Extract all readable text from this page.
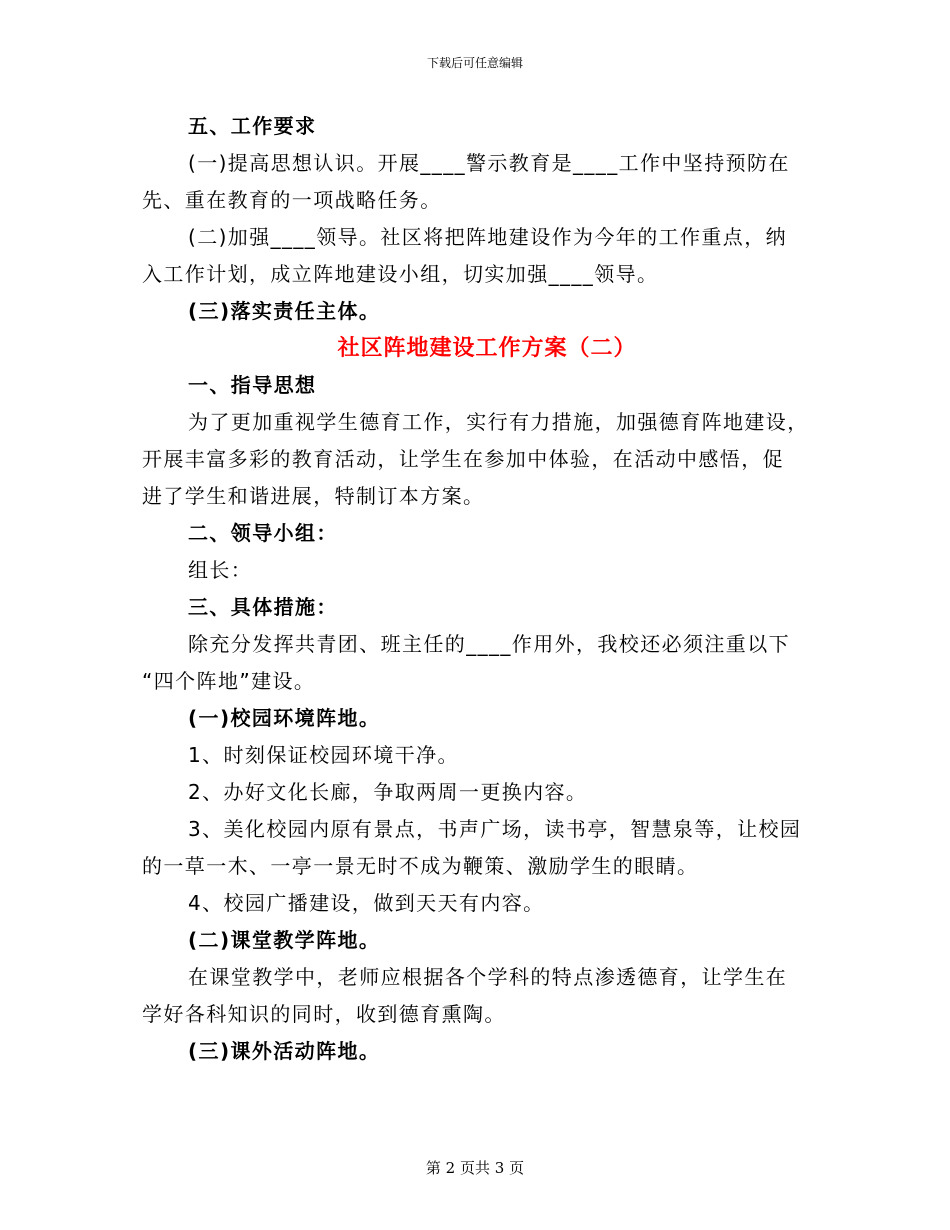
下载后可任意编辑
五、工作要求
(一)提高思想认识。开展____警示教育是____工作中坚持预防在
先、重在教育的一项战略任务。
(二)加强____领导。社区将把阵地建设作为今年的工作重点，纳
入工作计划，成立阵地建设小组，切实加强____领导。
(三)落实责任主体。
社区阵地建设工作方案（二）
一、指导思想
为了更加重视学生德育工作，实行有力措施，加强德育阵地建设，
开展丰富多彩的教育活动，让学生在参加中体验，在活动中感悟，促
进了学生和谐进展，特制订本方案。
二、领导小组：
组长：
三、具体措施：
除充分发挥共青团、班主任的____作用外，我校还必须注重以下
“四个阵地”建设。
(一)校园环境阵地。
1、时刻保证校园环境干净。
2、办好文化长廊，争取两周一更换内容。
3、美化校园内原有景点，书声广场，读书亭，智慧泉等，让校园
的一草一木、一亭一景无时不成为鞭策、激励学生的眼睛。
4、校园广播建设，做到天天有内容。
(二)课堂教学阵地。
在课堂教学中，老师应根据各个学科的特点渗透德育，让学生在
学好各科知识的同时，收到德育熏陶。
(三)课外活动阵地。
第 2 页共 3 页
